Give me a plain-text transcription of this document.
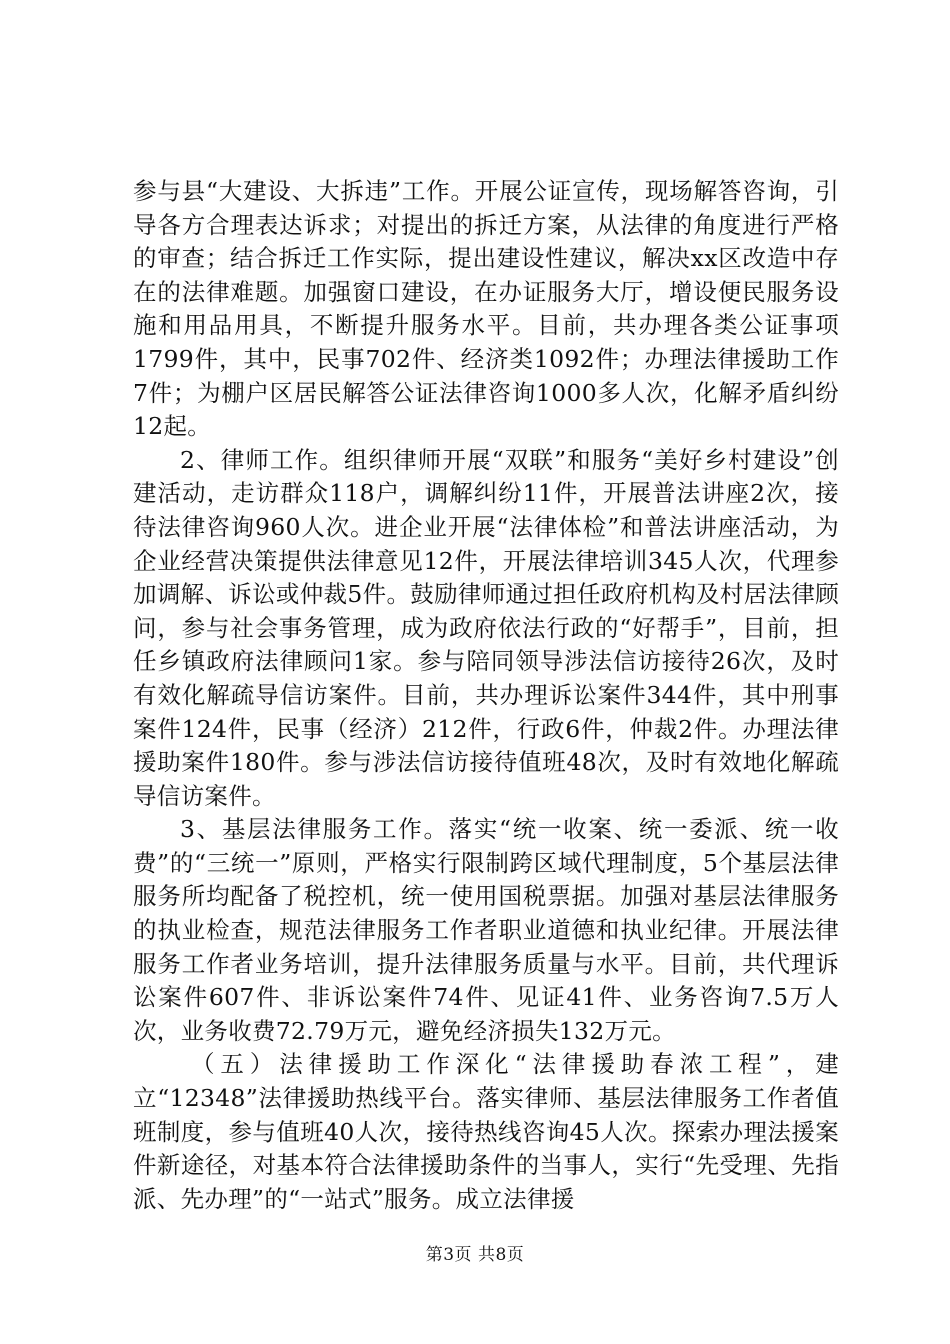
参与县“大建设、大拆违”工作。开展公证宣传，现场解答咨询，引导各方合理表达诉求；对提出的拆迁方案，从法律的角度进行严格的审查；结合拆迁工作实际，提出建设性建议，解决xx区改造中存在的法律难题。加强窗口建设，在办证服务大厅，增设便民服务设施和用品用具，不断提升服务水平。目前，共办理各类公证事项1799件，其中，民事702件、经济类1092件；办理法律援助工作7件；为棚户区居民解答公证法律咨询1000多人次，化解矛盾纠纷12起。

2、律师工作。组织律师开展“双联”和服务“美好乡村建设”创建活动，走访群众118户，调解纠纷11件，开展普法讲座2次，接待法律咨询960人次。进企业开展“法律体检”和普法讲座活动，为企业经营决策提供法律意见12件，开展法律培训345人次，代理参加调解、诉讼或仲裁5件。鼓励律师通过担任政府机构及村居法律顾问，参与社会事务管理，成为政府依法行政的“好帮手”，目前，担任乡镇政府法律顾问1家。参与陪同领导涉法信访接待26次，及时有效化解疏导信访案件。目前，共办理诉讼案件344件，其中刑事案件124件，民事（经济）212件，行政6件，仲裁2件。办理法律援助案件180件。参与涉法信访接待值班48次，及时有效地化解疏导信访案件。

3、基层法律服务工作。落实“统一收案、统一委派、统一收费”的“三统一”原则，严格实行限制跨区域代理制度，5个基层法律服务所均配备了税控机，统一使用国税票据。加强对基层法律服务的执业检查，规范法律服务工作者职业道德和执业纪律。开展法律服务工作者业务培训，提升法律服务质量与水平。目前，共代理诉讼案件607件、非诉讼案件74件、见证41件、业务咨询7.5万人次，业务收费72.79万元，避免经济损失132万元。

（五）法律援助工作深化“法律援助春浓工程”，建立“12348”法律援助热线平台。落实律师、基层法律服务工作者值班制度，参与值班40人次，接待热线咨询45人次。探索办理法援案件新途径，对基本符合法律援助条件的当事人，实行“先受理、先指派、先办理”的“一站式”服务。成立法律援

第3页 共8页
